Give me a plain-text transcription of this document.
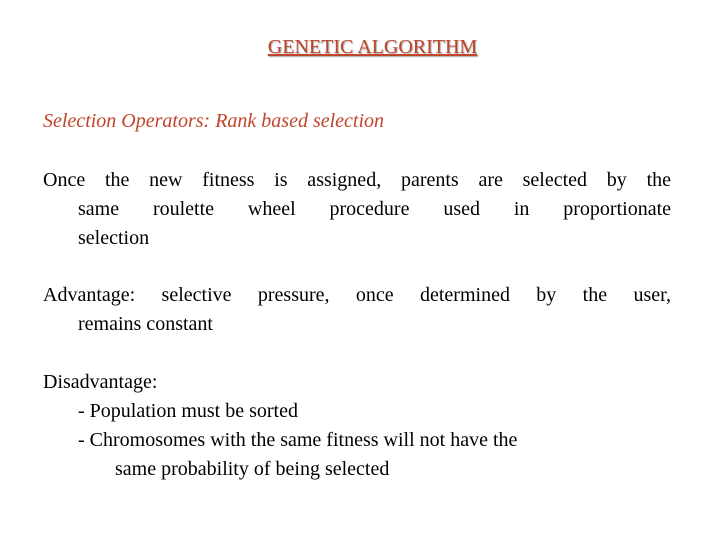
GENETIC ALGORITHM
Selection Operators: Rank based selection
Once the new fitness is assigned, parents are selected by the
same roulette wheel procedure used in proportionate
selection
Advantage: selective pressure, once determined by the user,
remains constant
Disadvantage:
- Population must be sorted
- Chromosomes with the same fitness will not have the
same probability of being selected
